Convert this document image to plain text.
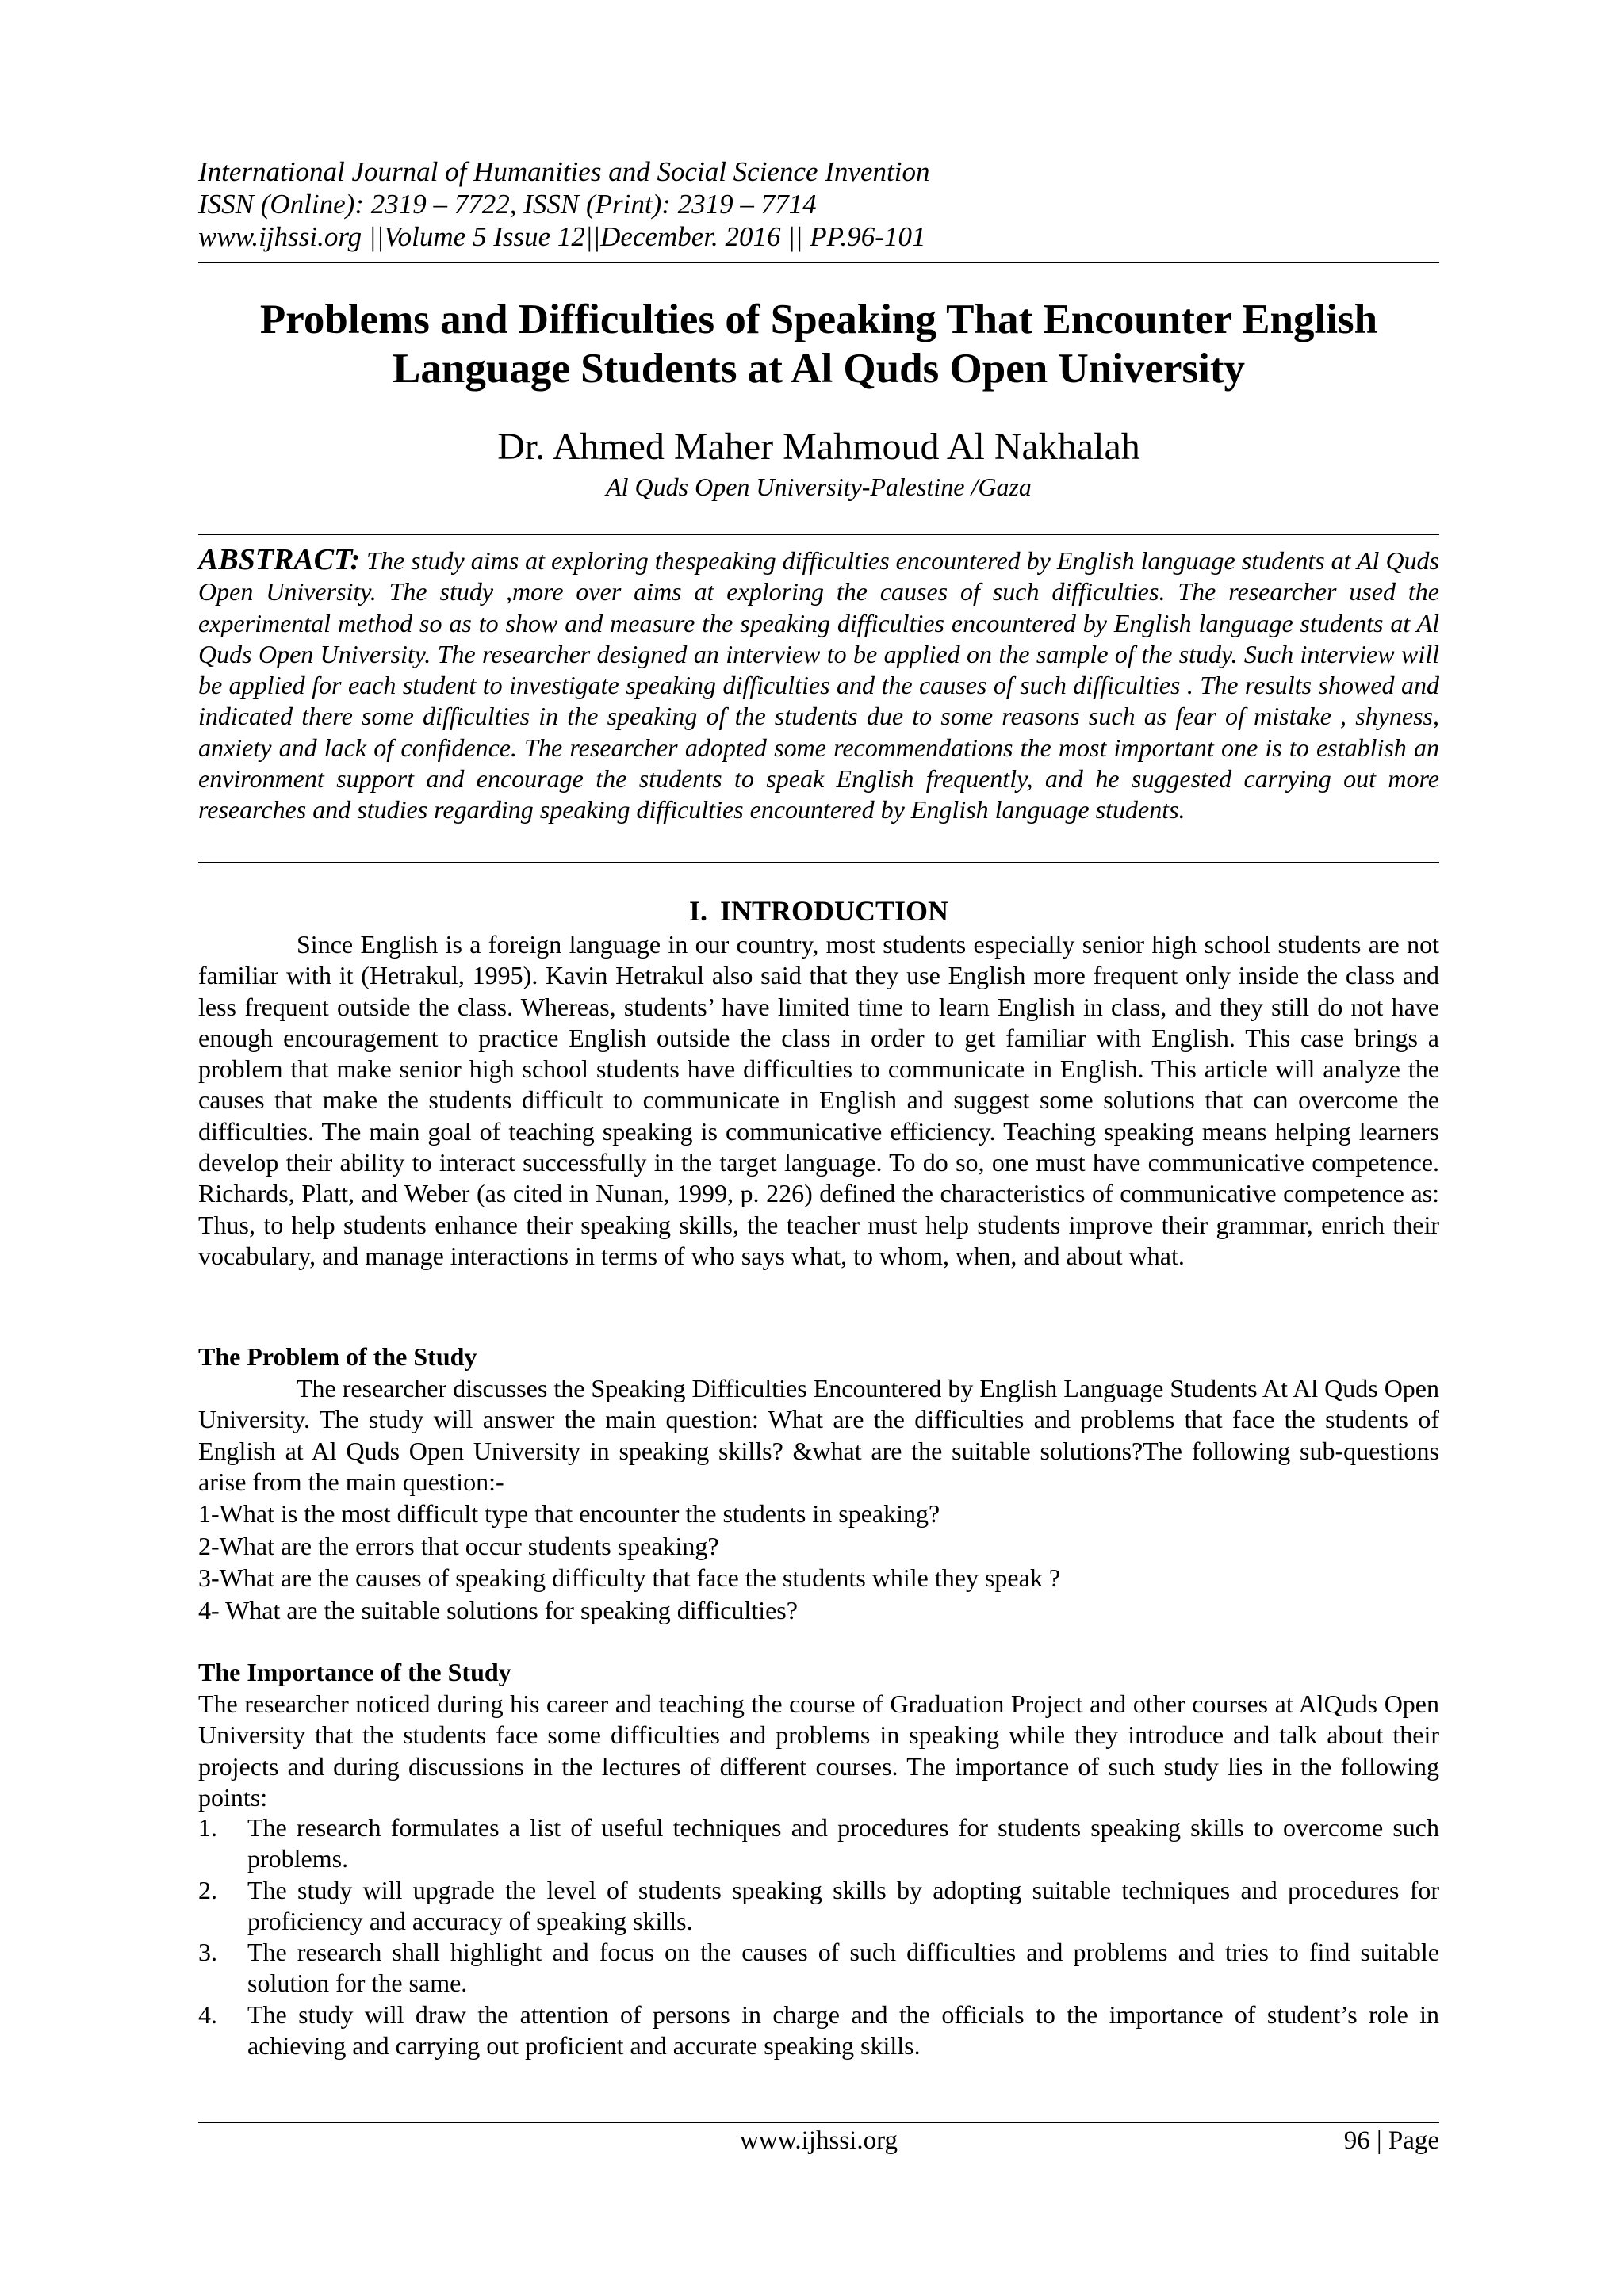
International Journal of Humanities and Social Science Invention
ISSN (Online): 2319 – 7722, ISSN (Print): 2319 – 7714
www.ijhssi.org ||Volume 5 Issue 12||December. 2016 || PP.96-101
Problems and Difficulties of Speaking That Encounter English
Language Students at Al Quds Open University
Dr. Ahmed Maher Mahmoud Al Nakhalah
Al Quds Open University-Palestine /Gaza
ABSTRACT: The study aims at exploring thespeaking difficulties encountered by English language students at Al Quds Open University. The study ,more over aims at exploring the causes of such difficulties. The researcher used the experimental method so as to show and measure the speaking difficulties encountered by English language students at Al Quds Open University. The researcher designed an interview to be applied on the sample of the study. Such interview will be applied for each student to investigate speaking difficulties and the causes of such difficulties . The results showed and indicated there some difficulties in the speaking of the students due to some reasons such as fear of mistake , shyness, anxiety and lack of confidence. The researcher adopted some recommendations the most important one is to establish an environment support and encourage the students to speak English frequently, and he suggested carrying out more researches and studies regarding speaking difficulties encountered by English language students.
I. INTRODUCTION
Since English is a foreign language in our country, most students especially senior high school students are not familiar with it (Hetrakul, 1995). Kavin Hetrakul also said that they use English more frequent only inside the class and less frequent outside the class. Whereas, students’ have limited time to learn English in class, and they still do not have enough encouragement to practice English outside the class in order to get familiar with English. This case brings a problem that make senior high school students have difficulties to communicate in English. This article will analyze the causes that make the students difficult to communicate in English and suggest some solutions that can overcome the difficulties. The main goal of teaching speaking is communicative efficiency. Teaching speaking means helping learners develop their ability to interact successfully in the target language. To do so, one must have communicative competence. Richards, Platt, and Weber (as cited in Nunan, 1999, p. 226) defined the characteristics of communicative competence as: Thus, to help students enhance their speaking skills, the teacher must help students improve their grammar, enrich their vocabulary, and manage interactions in terms of who says what, to whom, when, and about what.
The Problem of the Study
The researcher discusses the Speaking Difficulties Encountered by English Language Students At Al Quds Open University. The study will answer the main question: What are the difficulties and problems that face the students of English at Al Quds Open University in speaking skills? &what are the suitable solutions?The following sub-questions arise from the main question:-
1-What is the most difficult type that encounter the students in speaking?
2-What are the errors that occur students speaking?
3-What are the causes of speaking difficulty that face the students while they speak ?
4- What are the suitable solutions for speaking difficulties?
The Importance of the Study
The researcher noticed during his career and teaching the course of Graduation Project and other courses at AlQuds Open University that the students face some difficulties and problems in speaking while they introduce and talk about their projects and during discussions in the lectures of different courses. The importance of such study lies in the following points:
1. The research formulates a list of useful techniques and procedures for students speaking skills to overcome such problems.
2. The study will upgrade the level of students speaking skills by adopting suitable techniques and procedures for proficiency and accuracy of speaking skills.
3. The research shall highlight and focus on the causes of such difficulties and problems and tries to find suitable solution for the same.
4. The study will draw the attention of persons in charge and the officials to the importance of student’s role in achieving and carrying out proficient and accurate speaking skills.
www.ijhssi.org	96 | Page
